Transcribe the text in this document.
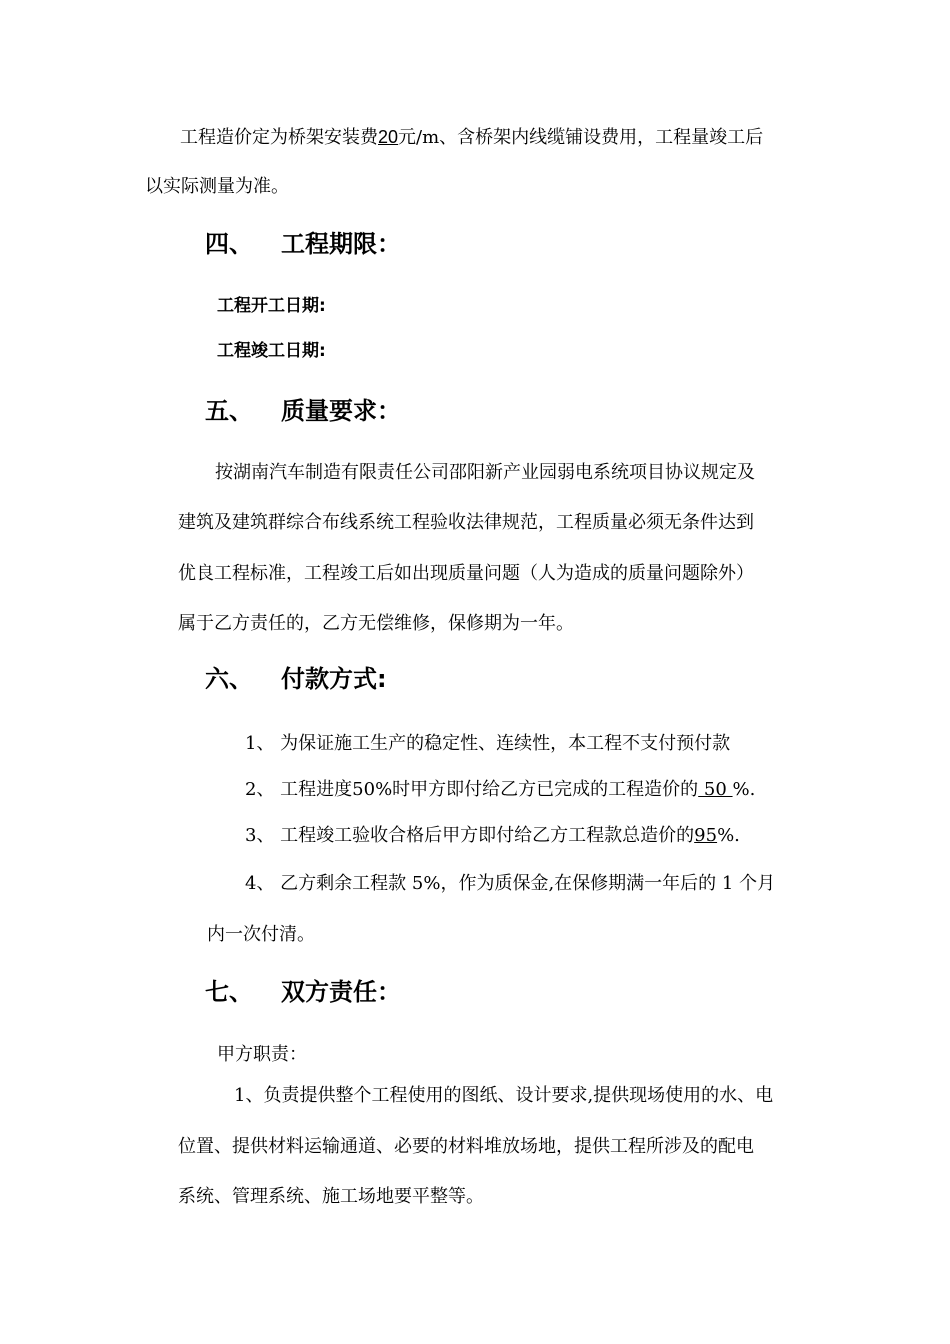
工程造价定为桥架安装费20元/m、含桥架内线缆铺设费用，工程量竣工后
以实际测量为准。
四、 工程期限：
工程开工日期:
工程竣工日期:
五、 质量要求：
按湖南汽车制造有限责任公司邵阳新产业园弱电系统项目协议规定及
建筑及建筑群综合布线系统工程验收法律规范，工程质量必须无条件达到
优良工程标准，工程竣工后如出现质量问题（人为造成的质量问题除外）
属于乙方责任的，乙方无偿维修，保修期为一年。
六、 付款方式:
1、 为保证施工生产的稳定性、连续性，本工程不支付预付款
2、 工程进度50%时甲方即付给乙方已完成的工程造价的 50 %.
3、 工程竣工验收合格后甲方即付给乙方工程款总造价的95%.
4、 乙方剩余工程款 5%，作为质保金,在保修期满一年后的 1 个月
内一次付清。
七、 双方责任：
甲方职责：
1、负责提供整个工程使用的图纸、设计要求,提供现场使用的水、电
位置、提供材料运输通道、必要的材料堆放场地，提供工程所涉及的配电
系统、管理系统、施工场地要平整等。
